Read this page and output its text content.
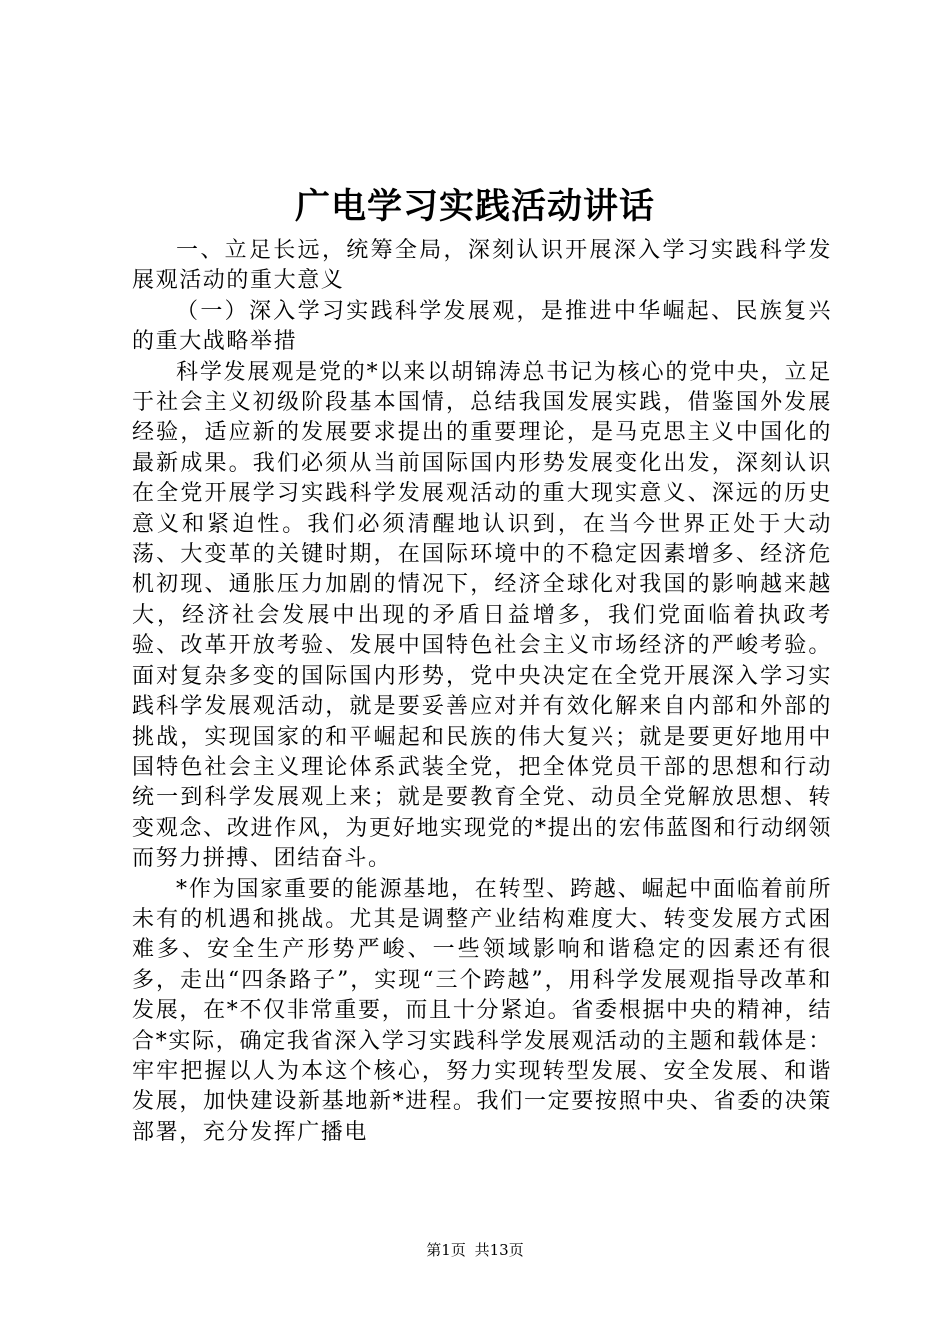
广电学习实践活动讲话

一、立足长远，统筹全局，深刻认识开展深入学习实践科学发展观活动的重大意义

（一）深入学习实践科学发展观，是推进中华崛起、民族复兴的重大战略举措

科学发展观是党的*以来以胡锦涛总书记为核心的党中央，立足于社会主义初级阶段基本国情，总结我国发展实践，借鉴国外发展经验，适应新的发展要求提出的重要理论，是马克思主义中国化的最新成果。我们必须从当前国际国内形势发展变化出发，深刻认识在全党开展学习实践科学发展观活动的重大现实意义、深远的历史意义和紧迫性。我们必须清醒地认识到，在当今世界正处于大动荡、大变革的关键时期，在国际环境中的不稳定因素增多、经济危机初现、通胀压力加剧的情况下，经济全球化对我国的影响越来越大，经济社会发展中出现的矛盾日益增多，我们党面临着执政考验、改革开放考验、发展中国特色社会主义市场经济的严峻考验。面对复杂多变的国际国内形势，党中央决定在全党开展深入学习实践科学发展观活动，就是要妥善应对并有效化解来自内部和外部的挑战，实现国家的和平崛起和民族的伟大复兴；就是要更好地用中国特色社会主义理论体系武装全党，把全体党员干部的思想和行动统一到科学发展观上来；就是要教育全党、动员全党解放思想、转变观念、改进作风，为更好地实现党的*提出的宏伟蓝图和行动纲领而努力拼搏、团结奋斗。

*作为国家重要的能源基地，在转型、跨越、崛起中面临着前所未有的机遇和挑战。尤其是调整产业结构难度大、转变发展方式困难多、安全生产形势严峻、一些领域影响和谐稳定的因素还有很多，走出“四条路子”，实现“三个跨越”，用科学发展观指导改革和发展，在*不仅非常重要，而且十分紧迫。省委根据中央的精神，结合*实际，确定我省深入学习实践科学发展观活动的主题和载体是：牢牢把握以人为本这个核心，努力实现转型发展、安全发展、和谐发展，加快建设新基地新*进程。我们一定要按照中央、省委的决策部署，充分发挥广播电

第1页 共13页
